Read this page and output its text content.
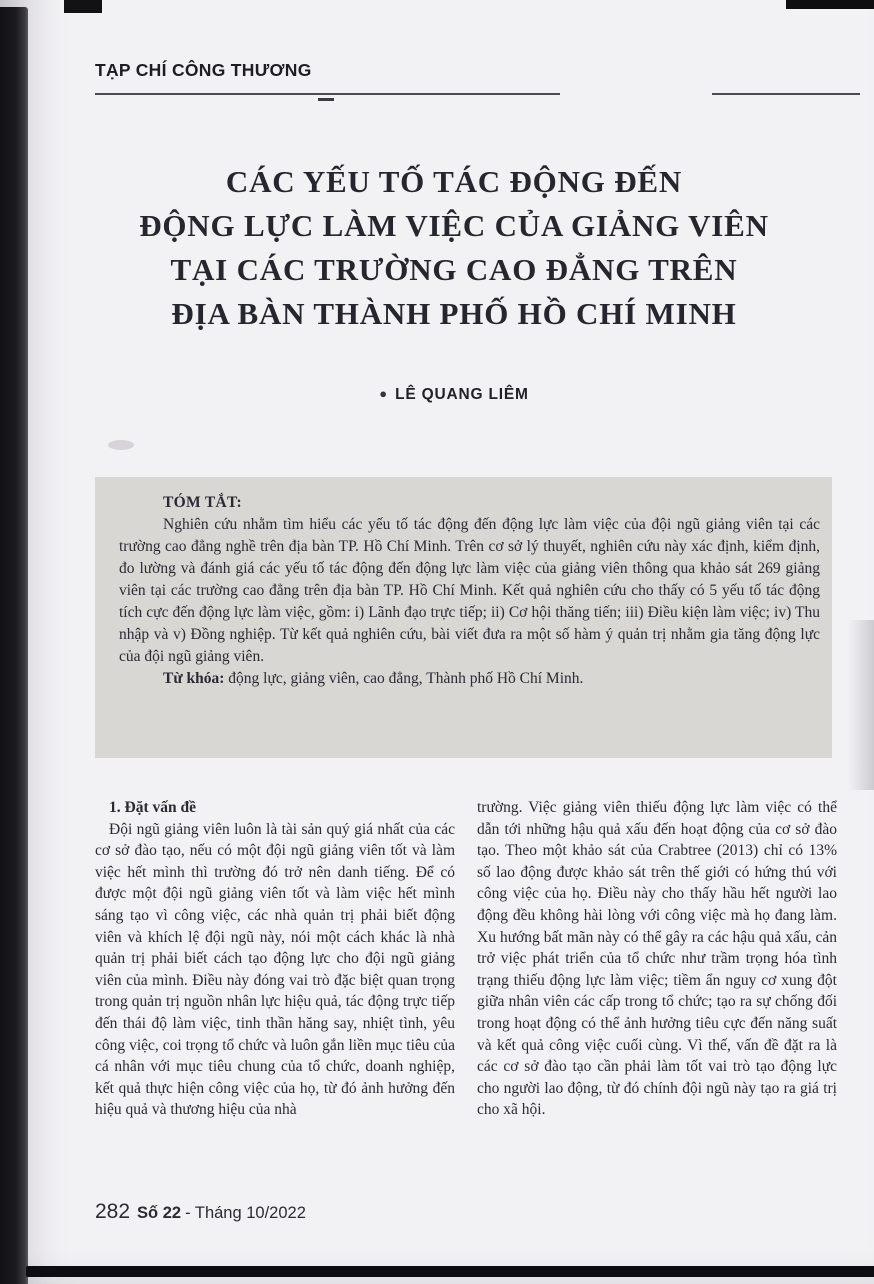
TẠP CHÍ CÔNG THƯƠNG
CÁC YẾU TỐ TÁC ĐỘNG ĐẾN
ĐỘNG LỰC LÀM VIỆC CỦA GIẢNG VIÊN
TẠI CÁC TRƯỜNG CAO ĐẲNG TRÊN
ĐỊA BÀN THÀNH PHỐ HỒ CHÍ MINH
● LÊ QUANG LIÊM
TÓM TẮT:
Nghiên cứu nhằm tìm hiểu các yếu tố tác động đến động lực làm việc của đội ngũ giảng viên tại các trường cao đẳng nghề trên địa bàn TP. Hồ Chí Minh. Trên cơ sở lý thuyết, nghiên cứu này xác định, kiểm định, đo lường và đánh giá các yếu tố tác động đến động lực làm việc của giảng viên thông qua khảo sát 269 giảng viên tại các trường cao đẳng trên địa bàn TP. Hồ Chí Minh. Kết quả nghiên cứu cho thấy có 5 yếu tố tác động tích cực đến động lực làm việc, gồm: i) Lãnh đạo trực tiếp; ii) Cơ hội thăng tiến; iii) Điều kiện làm việc; iv) Thu nhập và v) Đồng nghiệp. Từ kết quả nghiên cứu, bài viết đưa ra một số hàm ý quản trị nhằm gia tăng động lực của đội ngũ giảng viên.
Từ khóa: động lực, giảng viên, cao đẳng, Thành phố Hồ Chí Minh.
1. Đặt vấn đề
Đội ngũ giảng viên luôn là tài sản quý giá nhất của các cơ sở đào tạo, nếu có một đội ngũ giảng viên tốt và làm việc hết mình thì trường đó trở nên danh tiếng. Để có được một đội ngũ giảng viên tốt và làm việc hết mình sáng tạo vì công việc, các nhà quản trị phải biết động viên và khích lệ đội ngũ này, nói một cách khác là nhà quản trị phải biết cách tạo động lực cho đội ngũ giảng viên của mình. Điều này đóng vai trò đặc biệt quan trọng trong quản trị nguồn nhân lực hiệu quả, tác động trực tiếp đến thái độ làm việc, tinh thần hăng say, nhiệt tình, yêu công việc, coi trọng tổ chức và luôn gắn liền mục tiêu của cá nhân với mục tiêu chung của tổ chức, doanh nghiệp, kết quả thực hiện công việc của họ, từ đó ảnh hưởng đến hiệu quả và thương hiệu của nhà
trường. Việc giảng viên thiếu động lực làm việc có thể dẫn tới những hậu quả xấu đến hoạt động của cơ sở đào tạo. Theo một khảo sát của Crabtree (2013) chỉ có 13% số lao động được khảo sát trên thế giới có hứng thú với công việc của họ. Điều này cho thấy hầu hết người lao động đều không hài lòng với công việc mà họ đang làm. Xu hướng bất mãn này có thể gây ra các hậu quả xấu, cản trở việc phát triển của tổ chức như trầm trọng hóa tình trạng thiếu động lực làm việc; tiềm ẩn nguy cơ xung đột giữa nhân viên các cấp trong tổ chức; tạo ra sự chống đối trong hoạt động có thể ảnh hưởng tiêu cực đến năng suất và kết quả công việc cuối cùng. Vì thế, vấn đề đặt ra là các cơ sở đào tạo cần phải làm tốt vai trò tạo động lực cho người lao động, từ đó chính đội ngũ này tạo ra giá trị cho xã hội.
282 Số 22 - Tháng 10/2022
